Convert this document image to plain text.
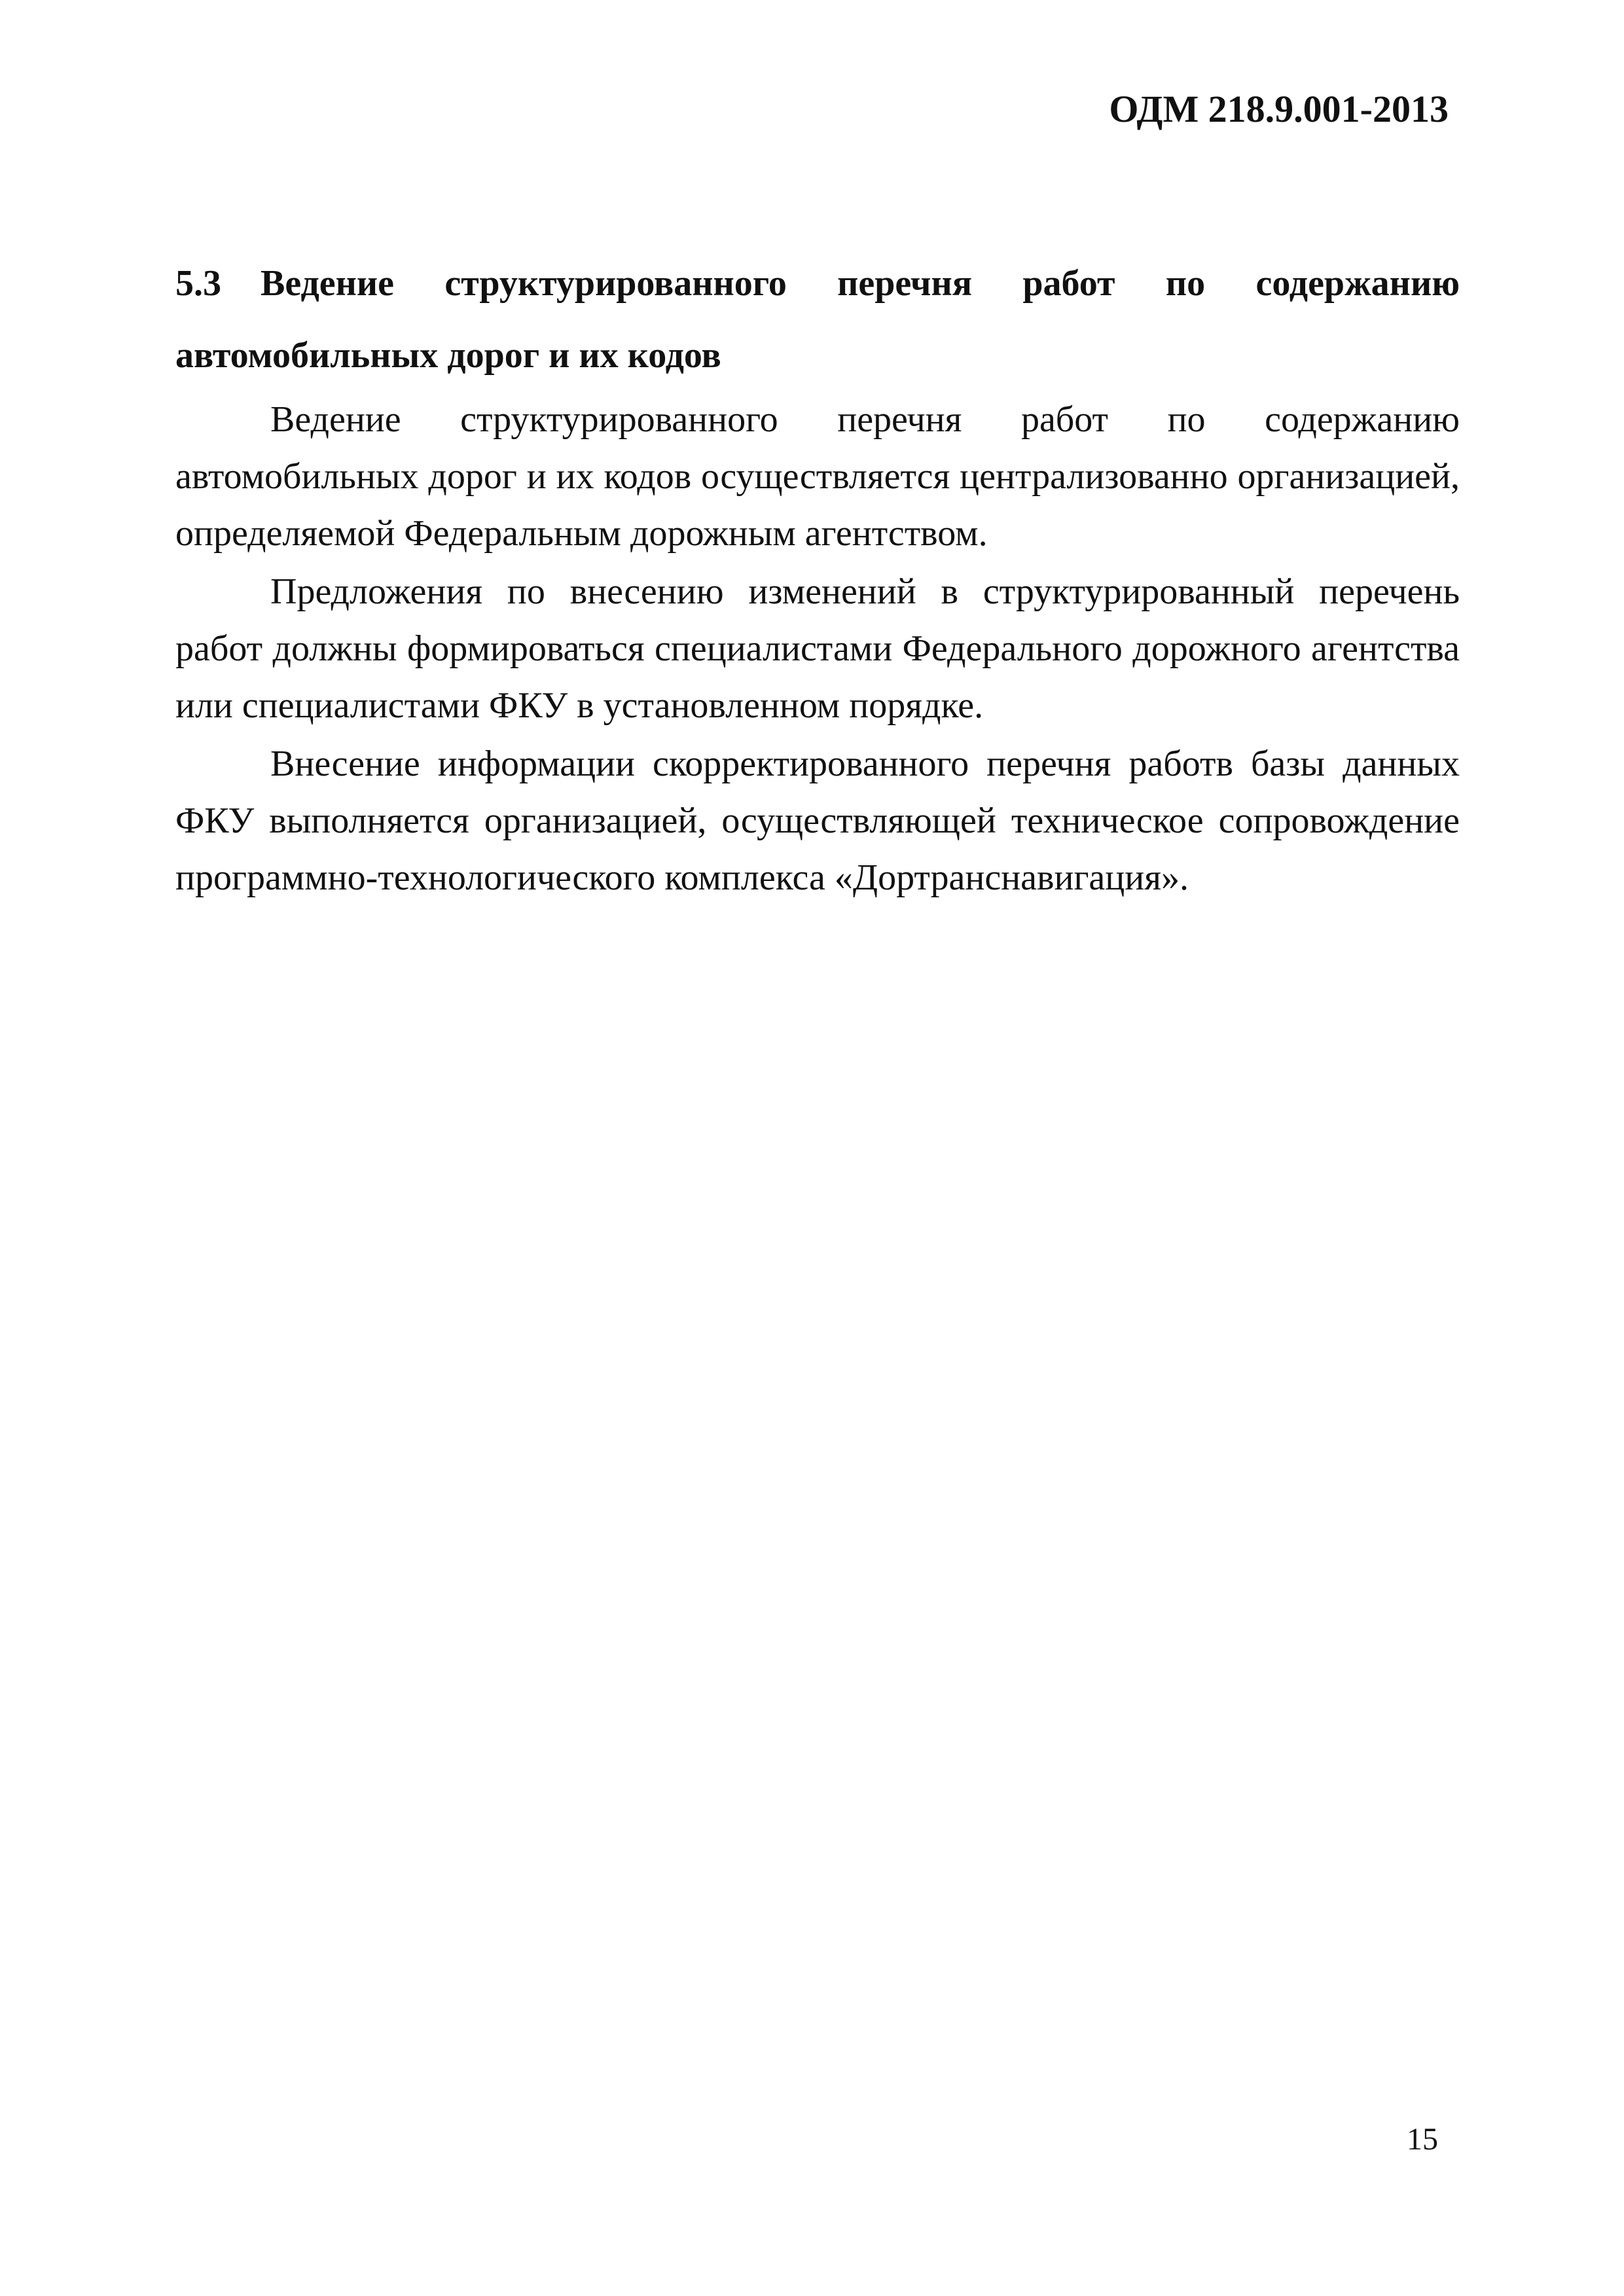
ОДМ 218.9.001-2013
5.3 Ведение структурированного перечня работ по содержанию автомобильных дорог и их кодов

Ведение структурированного перечня работ по содержанию автомобильных дорог и их кодов осуществляется централизованно организацией, определяемой Федеральным дорожным агентством.

Предложения по внесению изменений в структурированный перечень работ должны формироваться специалистами Федерального дорожного агентства или специалистами ФКУ в установленном порядке.

Внесение информации скорректированного перечня работв базы данных ФКУ выполняется организацией, осуществляющей техническое сопровождение программно-технологического комплекса «Дортранснавигация».

15
